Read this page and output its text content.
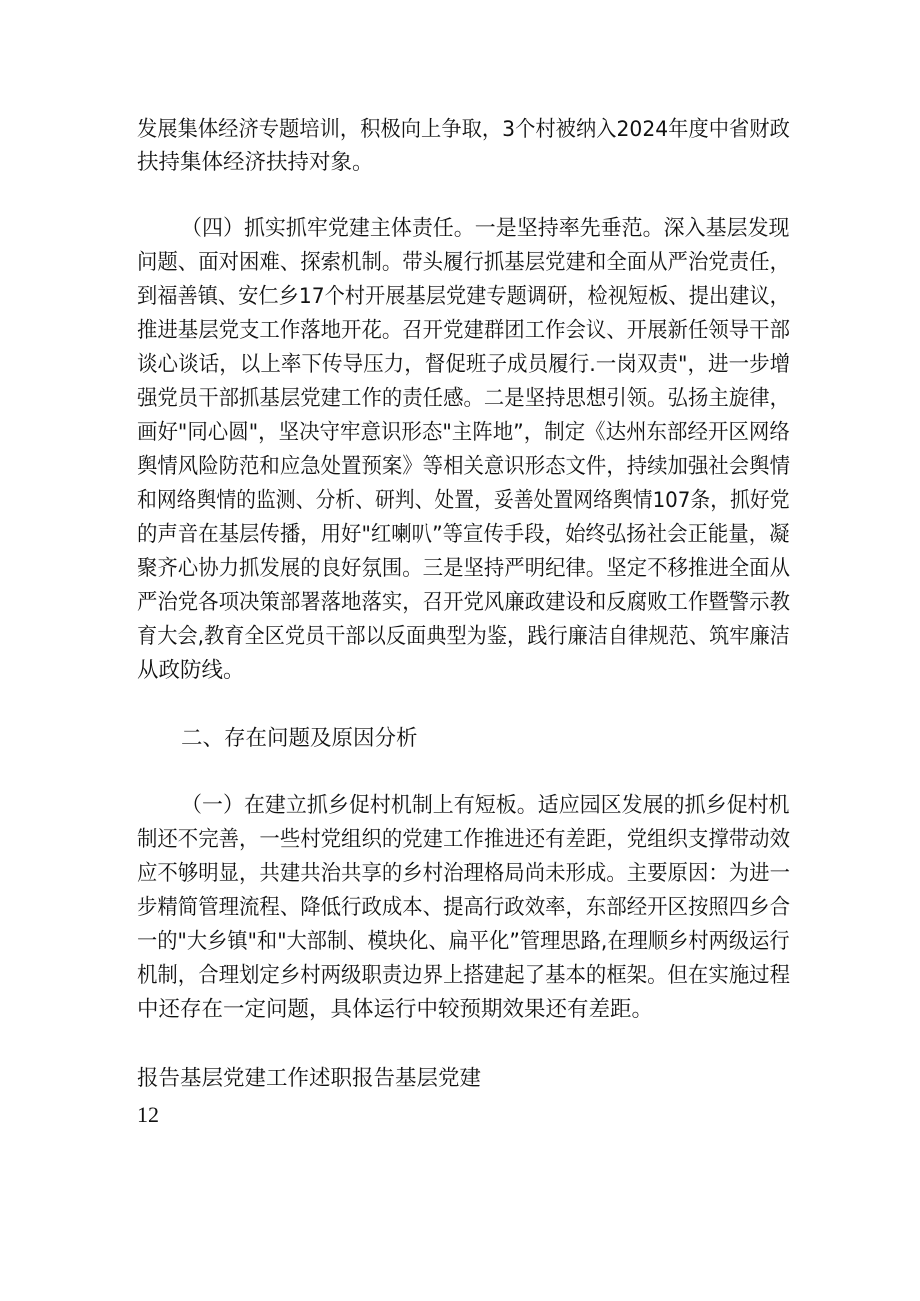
发展集体经济专题培训，积极向上争取，3个村被纳入2024年度中省财政
扶持集体经济扶持对象。
（四）抓实抓牢党建主体责任。一是坚持率先垂范。深入基层发现
问题、面对困难、探索机制。带头履行抓基层党建和全面从严治党责任，
到福善镇、安仁乡17个村开展基层党建专题调研，检视短板、提出建议，
推进基层党支工作落地开花。召开党建群团工作会议、开展新任领导干部
谈心谈话，以上率下传导压力，督促班子成员履行.一岗双责"，进一步增
强党员干部抓基层党建工作的责任感。二是坚持思想引领。弘扬主旋律，
画好"同心圆"，坚决守牢意识形态"主阵地”，制定《达州东部经开区网络
舆情风险防范和应急处置预案》等相关意识形态文件，持续加强社会舆情
和网络舆情的监测、分析、研判、处置，妥善处置网络舆情107条，抓好党
的声音在基层传播，用好"红喇叭”等宣传手段，始终弘扬社会正能量，凝
聚齐心协力抓发展的良好氛围。三是坚持严明纪律。坚定不移推进全面从
严治党各项决策部署落地落实，召开党风廉政建设和反腐败工作暨警示教
育大会,教育全区党员干部以反面典型为鉴，践行廉洁自律规范、筑牢廉洁
从政防线。
二、存在问题及原因分析
（一）在建立抓乡促村机制上有短板。适应园区发展的抓乡促村机
制还不完善，一些村党组织的党建工作推进还有差距，党组织支撑带动效
应不够明显，共建共治共享的乡村治理格局尚未形成。主要原因：为进一
步精简管理流程、降低行政成本、提高行政效率，东部经开区按照四乡合
一的"大乡镇"和"大部制、模块化、扁平化”管理思路,在理顺乡村两级运行
机制，合理划定乡村两级职责边界上搭建起了基本的框架。但在实施过程
中还存在一定问题，具体运行中较预期效果还有差距。
报告基层党建工作述职报告基层党建
12
